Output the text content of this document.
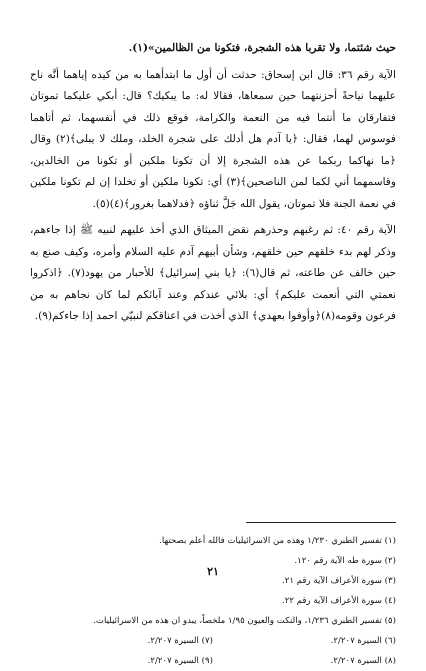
حيث شئتما، ولا تقربا هذه الشجرة، فتكونا من الظالمين»(١).

الآية رقم ٣٦: قال ابن إسحاق: حدثت أن أول ما ابتدأهما به من كيده إياهما أنَّه ناح عليهما نياحةً أحزنتهما حين سمعاها، فقالا له: ما يبكيك؟ قال: أبكي عليكما تموتان فتفارقان ما أنتما فيه من النعمة والكرامة، فوقع ذلك في أنفسهما، ثم أتاهما فوسوس لهما، فقال: ﴿يا آدم هل أدلك على شجرة الخلد، وملك لا يبلى﴾(٢) وقال ﴿ما نهاكما ربكما عن هذه الشجرة إلا أن تكونا ملكين أو تكونا من الخالدين، وقاسمهما أني لكما لمن الناصحين﴾(٣) أي: تكونا ملكين أو تخلدا إن لم تكونا ملكين في نعمة الجنة فلا تموتان، يقول الله جَلَّ ثناؤه ﴿فدلاهما بغرور﴾(٤)(٥).

الآية رقم ٤٠: ثم رغبهم وحذرهم نقض الميثاق الذي أخذ عليهم لنبيه ﷺ إذا جاءهم، وذكر لهم بدء خلقهم حين خلقهم، وشأن أبيهم آدم عليه السلام وأمره، وكيف صنع به حين خالف عن طاعته، ثم قال(٦): ﴿يا بني إسرائيل﴾ للأحبار من يهود(٧). ﴿اذكروا نعمتي التي أنعمت عليكم﴾ أي: بلائي عندكم وعند آبائكم لما كان نجاهم به من فرعون وقومه(٨)﴿وأوفوا بعهدي﴾ الذي أخذت في اعناقكم لنبيّي احمد إذا جاءكم(٩).

(١) تفسير الطبري ١/٢٣٠ وهذه من الاسرائيليات فالله أعلم بصحتها.

(٢) سورة طه الآية رقم ١٢٠.

(٣) سورة الأعراف الآية رقم ٢١.

(٤) سورة الأعراف الآية رقم ٢٢.

(٥) تفسير الطبري ١/٢٣٦، والنكت والعيون ١/٩٥ ملخصاً، يبدو ان هذه من الاسرائيليات.

(٦) السيرة ٢/٢٠٧.

(٧) السيرة ٢/٢٠٧.

(٨) السيرة ٢/٢٠٧.

(٩) السيرة ٢/٢٠٧.

٢١
